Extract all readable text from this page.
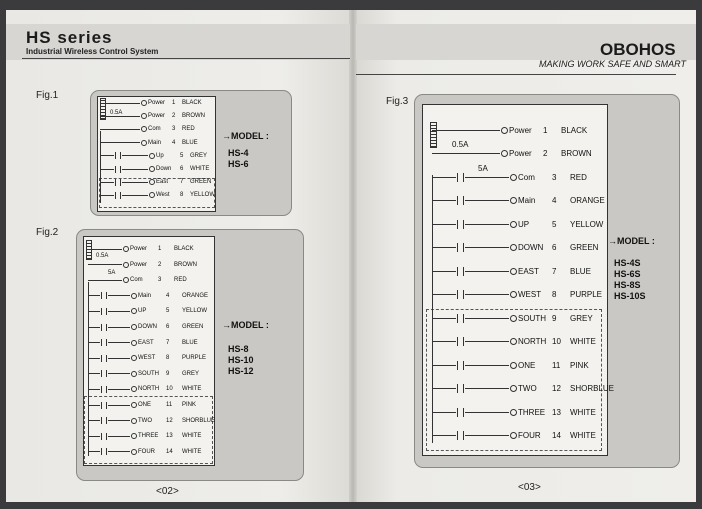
HS series
Industrial Wireless Control System	OBOHOS
MAKING WORK SAFE AND SMART
Fig.1
0.5A
Power	1	BLACK
Power	2	BROWN
Com	3	RED
Main	4	BLUE
Up	5	GREY
Down	6	WHITE
East	7	GREEN
West	8	YELLOW
→MODEL :
HS-4
HS-6
Fig.2
0.5A
5A
Power	1	BLACK
Power	2	BROWN
Com	3	RED
Main	4	ORANGE
UP	5	YELLOW
DOWN	6	GREEN
EAST	7	BLUE
WEST	8	PURPLE
SOUTH	9	GREY
NORTH	10	WHITE
ONE	11	PINK
TWO	12	SHORBLUE
THREE	13	WHITE
FOUR	14	WHITE
→MODEL :
HS-8
HS-10
HS-12
Fig.3
0.5A
5A
Power	1	BLACK
Power	2	BROWN
Com	3	RED
Main	4	ORANGE
UP	5	YELLOW
DOWN	6	GREEN
EAST	7	BLUE
WEST	8	PURPLE
SOUTH 9	GREY
NORTH 10	WHITE
ONE	11	PINK
TWO	12	SHORBLUE
THREE 13	WHITE
FOUR	14	WHITE
→MODEL :
HS-4S
HS-6S
HS-8S
HS-10S
<02>	<03>
